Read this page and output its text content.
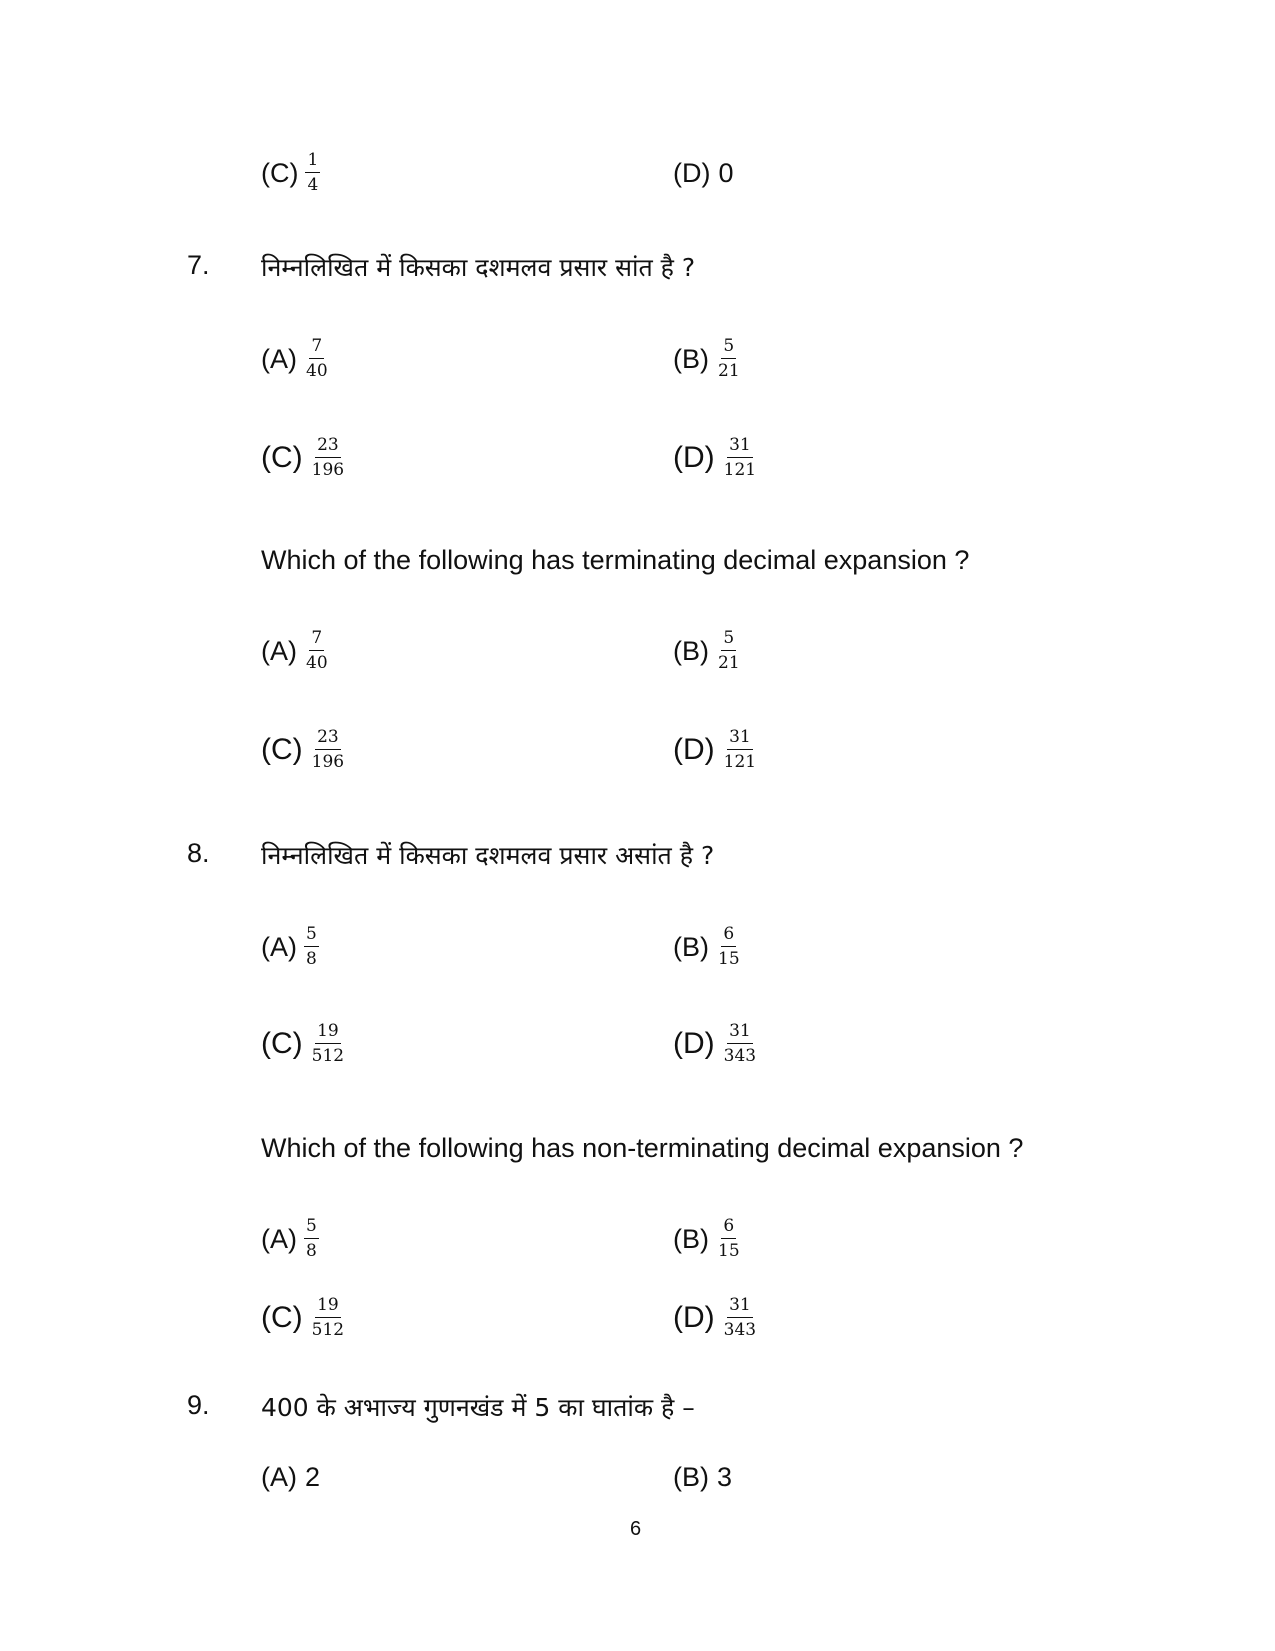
$(C) \frac{1}{4}$	(D) 0
7. निम्नलिखित में किसका दशमलव प्रसार सांत है ?
$(A) \frac{7}{40}$	$(B) \frac{5}{21}$
$(C) \frac{23}{196}$	$(D) \frac{31}{121}$
Which of the following has terminating decimal expansion ?
$(A) \frac{7}{40}$	$(B) \frac{5}{21}$
$(C) \frac{23}{196}$	$(D) \frac{31}{121}$
8. निम्नलिखित में किसका दशमलव प्रसार असांत है ?
$(A) \frac{5}{8}$	$(B) \frac{6}{15}$
$(C) \frac{19}{512}$	$(D) \frac{31}{343}$
Which of the following has non-terminating decimal expansion ?
$(A) \frac{5}{8}$	$(B) \frac{6}{15}$
$(C) \frac{19}{512}$	$(D) \frac{31}{343}$
9. 400 के अभाज्य गुणनखंड में 5 का घातांक है –
(A) 2	(B) 3
6
